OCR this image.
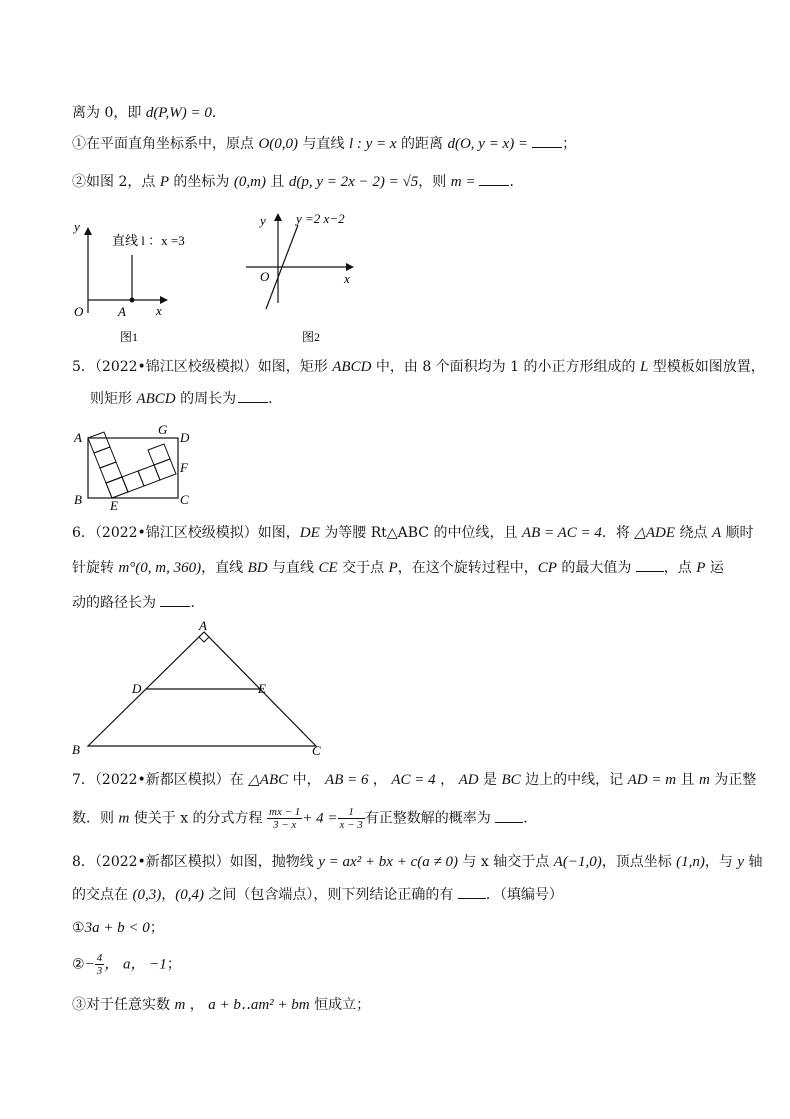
离为 0，即 d(P,W) = 0．
①在平面直角坐标系中，原点 O(0,0) 与直线 l : y = x 的距离 d(O, y = x) = ；
②如图 2，点 P 的坐标为 (0,m) 且 d(p, y = 2x − 2) = √5，则 m = ．
y
x
O	A
直线 l ：x =3
图1
y
x
O
y =2 x−2
图2
5．（2022•锦江区校级模拟）如图，矩形 ABCD 中，由 8 个面积均为 1 的小正方形组成的 L 型模板如图放置，
则矩形 ABCD 的周长为 ．
A
B	C
D
E
F
G
6．（2022•锦江区校级模拟）如图，DE 为等腰 Rt△ABC 的中位线，且 AB = AC = 4．将 △ADE 绕点 A 顺时
针旋转 m°(0, m, 360)，直线 BD 与直线 CE 交于点 P，在这个旋转过程中，CP 的最大值为 ，点 P 运
动的路径长为 ．
A
B	C
D	E
7．（2022•新都区模拟）在 △ABC 中， AB = 6 ， AC = 4 ， AD 是 BC 边上的中线，记 AD = m 且 m 为正整
数．则 m 使关于 x 的分式方程 $\frac{mx - 1}{3 - x} + 4 = \frac{1}{x - 3}$ 有正整数解的概率为 ．
8．（2022•新都区模拟）如图，抛物线 y = ax² + bx + c(a ≠ 0) 与 x 轴交于点 A(−1,0)，顶点坐标 (1,n)，与 y 轴
的交点在 (0,3)，(0,4) 之间（包含端点），则下列结论正确的有 ．（填编号）
①3a + b < 0；
②− $\frac{4}{3}$ ， a， −1；
③对于任意实数 m ， a + b‥am² + bm 恒成立；
